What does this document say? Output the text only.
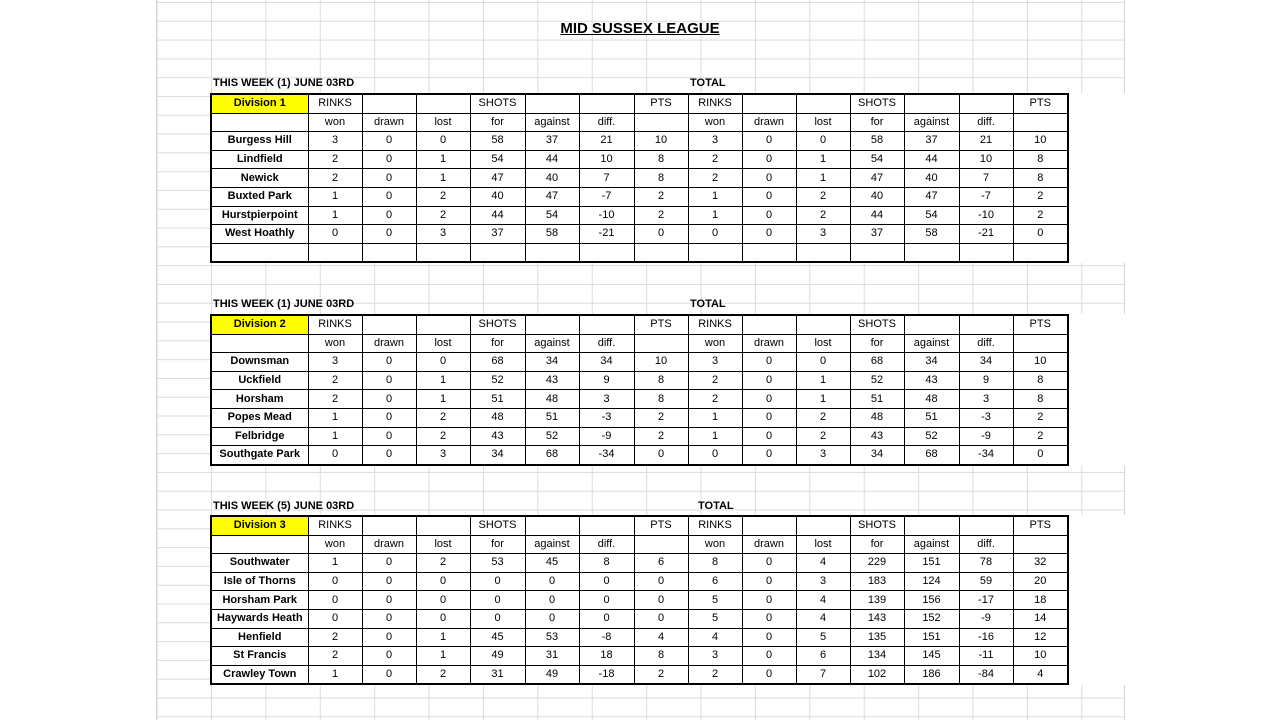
MID SUSSEX LEAGUE
THIS WEEK (1) JUNE 03RD	TOTAL
Division 1	RINKS			SHOTS			PTS	RINKS			SHOTS			PTS
	won	drawn	lost	for	against	diff.		won	drawn	lost	for	against	diff.	
Burgess Hill	3	0	0	58	37	21	10	3	0	0	58	37	21	10
Lindfield	2	0	1	54	44	10	8	2	0	1	54	44	10	8
Newick	2	0	1	47	40	7	8	2	0	1	47	40	7	8
Buxted Park	1	0	2	40	47	-7	2	1	0	2	40	47	-7	2
Hurstpierpoint	1	0	2	44	54	-10	2	1	0	2	44	54	-10	2
West Hoathly	0	0	3	37	58	-21	0	0	0	3	37	58	-21	0

THIS WEEK (1) JUNE 03RD	TOTAL
Division 2	RINKS			SHOTS			PTS	RINKS			SHOTS			PTS
	won	drawn	lost	for	against	diff.		won	drawn	lost	for	against	diff.	
Downsman	3	0	0	68	34	34	10	3	0	0	68	34	34	10
Uckfield	2	0	1	52	43	9	8	2	0	1	52	43	9	8
Horsham	2	0	1	51	48	3	8	2	0	1	51	48	3	8
Popes Mead	1	0	2	48	51	-3	2	1	0	2	48	51	-3	2
Felbridge	1	0	2	43	52	-9	2	1	0	2	43	52	-9	2
Southgate Park	0	0	3	34	68	-34	0	0	0	3	34	68	-34	0
THIS WEEK (5) JUNE 03RD	TOTAL
Division 3	RINKS			SHOTS			PTS	RINKS			SHOTS			PTS
	won	drawn	lost	for	against	diff.		won	drawn	lost	for	against	diff.	
Southwater	1	0	2	53	45	8	6	8	0	4	229	151	78	32
Isle of Thorns	0	0	0	0	0	0	0	6	0	3	183	124	59	20
Horsham Park	0	0	0	0	0	0	0	5	0	4	139	156	-17	18
Haywards Heath	0	0	0	0	0	0	0	5	0	4	143	152	-9	14
Henfield	2	0	1	45	53	-8	4	4	0	5	135	151	-16	12
St Francis	2	0	1	49	31	18	8	3	0	6	134	145	-11	10
Crawley Town	1	0	2	31	49	-18	2	2	0	7	102	186	-84	4
